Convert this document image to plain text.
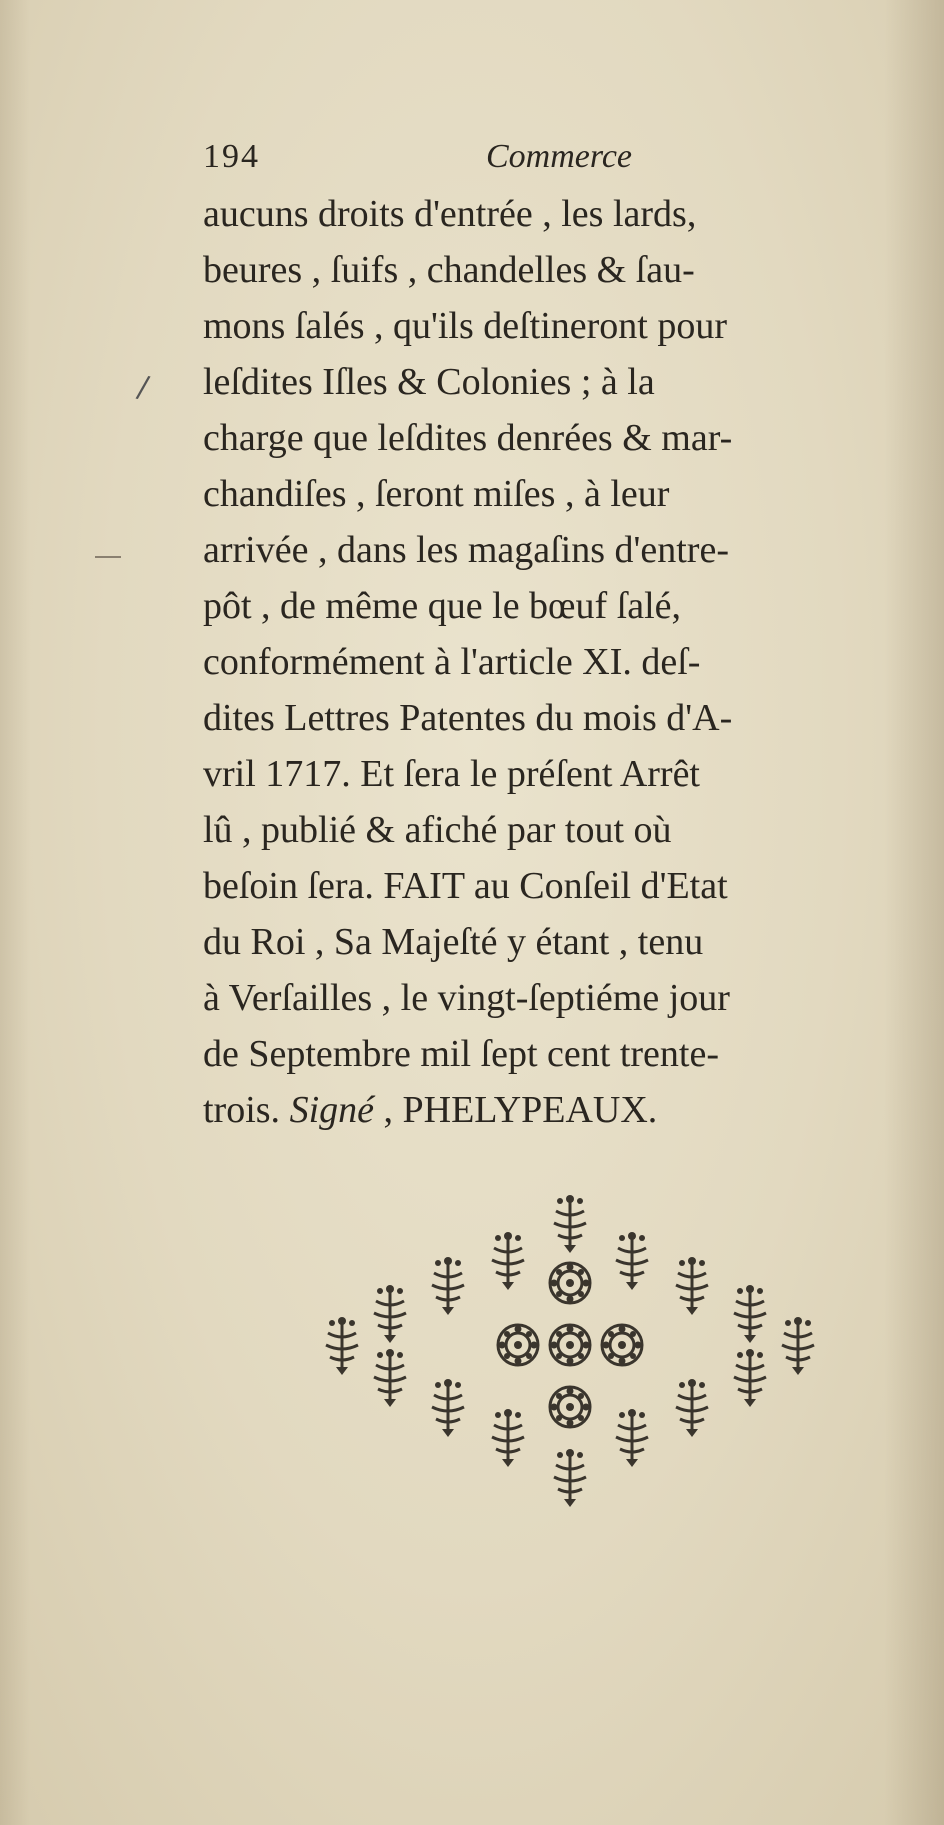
194	Commerce
/
aucuns droits d'entrée , les lards,
beures , ſuifs , chandelles & ſau-
mons ſalés , qu'ils deſtineront pour
leſdites Iſles & Colonies ; à la
charge que leſdites denrées & mar-
chandiſes , ſeront miſes , à leur
arrivée , dans les magaſins d'entre-
pôt , de même que le bœuf ſalé,
conformément à l'article XI. deſ-
dites Lettres Patentes du mois d'A-
vril 1717. Et ſera le préſent Arrêt
lû , publié & afiché par tout où
beſoin ſera. FAIT au Conſeil d'Etat
du Roi , Sa Majeſté y étant , tenu
à Verſailles , le vingt-ſeptiéme jour
de Septembre mil ſept cent trente-
trois. Signé , PHELYPEAUX.
